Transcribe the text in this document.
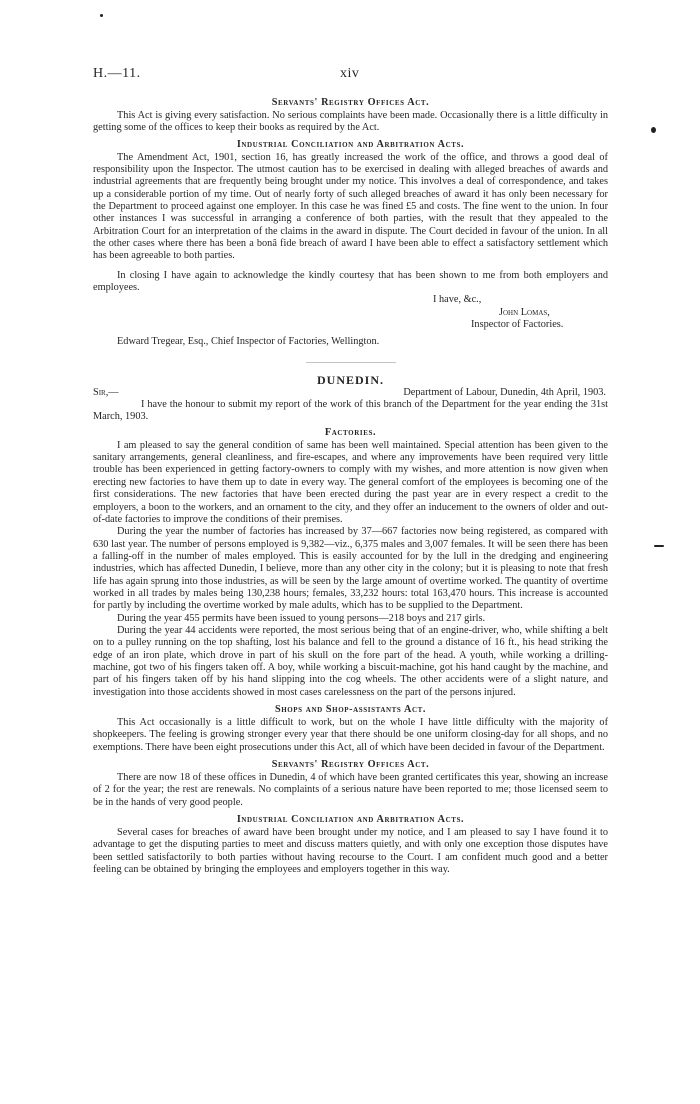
H.—11.	xiv
Servants' Registry Offices Act.

This Act is giving every satisfaction. No serious complaints have been made. Occasionally there is a little difficulty in getting some of the offices to keep their books as required by the Act.

Industrial Conciliation and Arbitration Acts.

The Amendment Act, 1901, section 16, has greatly increased the work of the office, and throws a good deal of responsibility upon the Inspector. The utmost caution has to be exercised in dealing with alleged breaches of awards and industrial agreements that are frequently being brought under my notice. This involves a deal of correspondence, and takes up a considerable portion of my time. Out of nearly forty of such alleged breaches of award it has only been necessary for the Department to proceed against one employer. In this case he was fined £5 and costs. The fine went to the union. In four other instances I was successful in arranging a conference of both parties, with the result that they appealed to the Arbitration Court for an interpretation of the claims in the award in dispute. The Court decided in favour of the union. In all the other cases where there has been a bonâ fide breach of award I have been able to effect a satisfactory settlement which has been agreeable to both parties.

In closing I have again to acknowledge the kindly courtesy that has been shown to me from both employers and employees.

I have, &c.,
John Lomas,
Inspector of Factories.
Edward Tregear, Esq., Chief Inspector of Factories, Wellington.
DUNEDIN.
Sir,—	Department of Labour, Dunedin, 4th April, 1903.

I have the honour to submit my report of the work of this branch of the Department for the year ending the 31st March, 1903.

Factories.

I am pleased to say the general condition of same has been well maintained. Special attention has been given to the sanitary arrangements, general cleanliness, and fire-escapes, and where any improvements have been required very little trouble has been experienced in getting factory-owners to comply with my wishes, and more attention is now given when erecting new factories to have them up to date in every way. The general comfort of the employees is becoming one of the first considerations. The new factories that have been erected during the past year are in every respect a credit to the employers, a boon to the workers, and an ornament to the city, and they offer an inducement to the owners of older and out-of-date factories to improve the conditions of their premises.

During the year the number of factories has increased by 37—667 factories now being registered, as compared with 630 last year. The number of persons employed is 9,382—viz., 6,375 males and 3,007 females. It will be seen there has been a falling-off in the number of males employed. This is easily accounted for by the lull in the dredging and engineering industries, which has affected Dunedin, I believe, more than any other city in the colony; but it is pleasing to note that fresh life has again sprung into those industries, as will be seen by the large amount of overtime worked. The quantity of overtime worked in all trades by males being 130,238 hours; females, 33,232 hours: total 163,470 hours. This increase is accounted for partly by including the overtime worked by male adults, which has to be supplied to the Department.

During the year 455 permits have been issued to young persons—218 boys and 217 girls.

During the year 44 accidents were reported, the most serious being that of an engine-driver, who, while shifting a belt on to a pulley running on the top shafting, lost his balance and fell to the ground a distance of 16 ft., his head striking the edge of an iron plate, which drove in part of his skull on the fore part of the head. A youth, while working a drilling-machine, got two of his fingers taken off. A boy, while working a biscuit-machine, got his hand caught by the machine, and part of his fingers taken off by his hand slipping into the cog wheels. The other accidents were of a slight nature, and investigation into those accidents showed in most cases carelessness on the part of the persons injured.

Shops and Shop-assistants Act.

This Act occasionally is a little difficult to work, but on the whole I have little difficulty with the majority of shopkeepers. The feeling is growing stronger every year that there should be one uniform closing-day for all shops, and no exemptions. There have been eight prosecutions under this Act, all of which have been decided in favour of the Department.

Servants' Registry Offices Act.

There are now 18 of these offices in Dunedin, 4 of which have been granted certificates this year, showing an increase of 2 for the year; the rest are renewals. No complaints of a serious nature have been reported to me; those licensed seem to be in the hands of very good people.

Industrial Conciliation and Arbitration Acts.

Several cases for breaches of award have been brought under my notice, and I am pleased to say I have found it to advantage to get the disputing parties to meet and discuss matters quietly, and with only one exception those disputes have been settled satisfactorily to both parties without having recourse to the Court. I am confident much good and a better feeling can be obtained by bringing the employees and employers together in this way.
